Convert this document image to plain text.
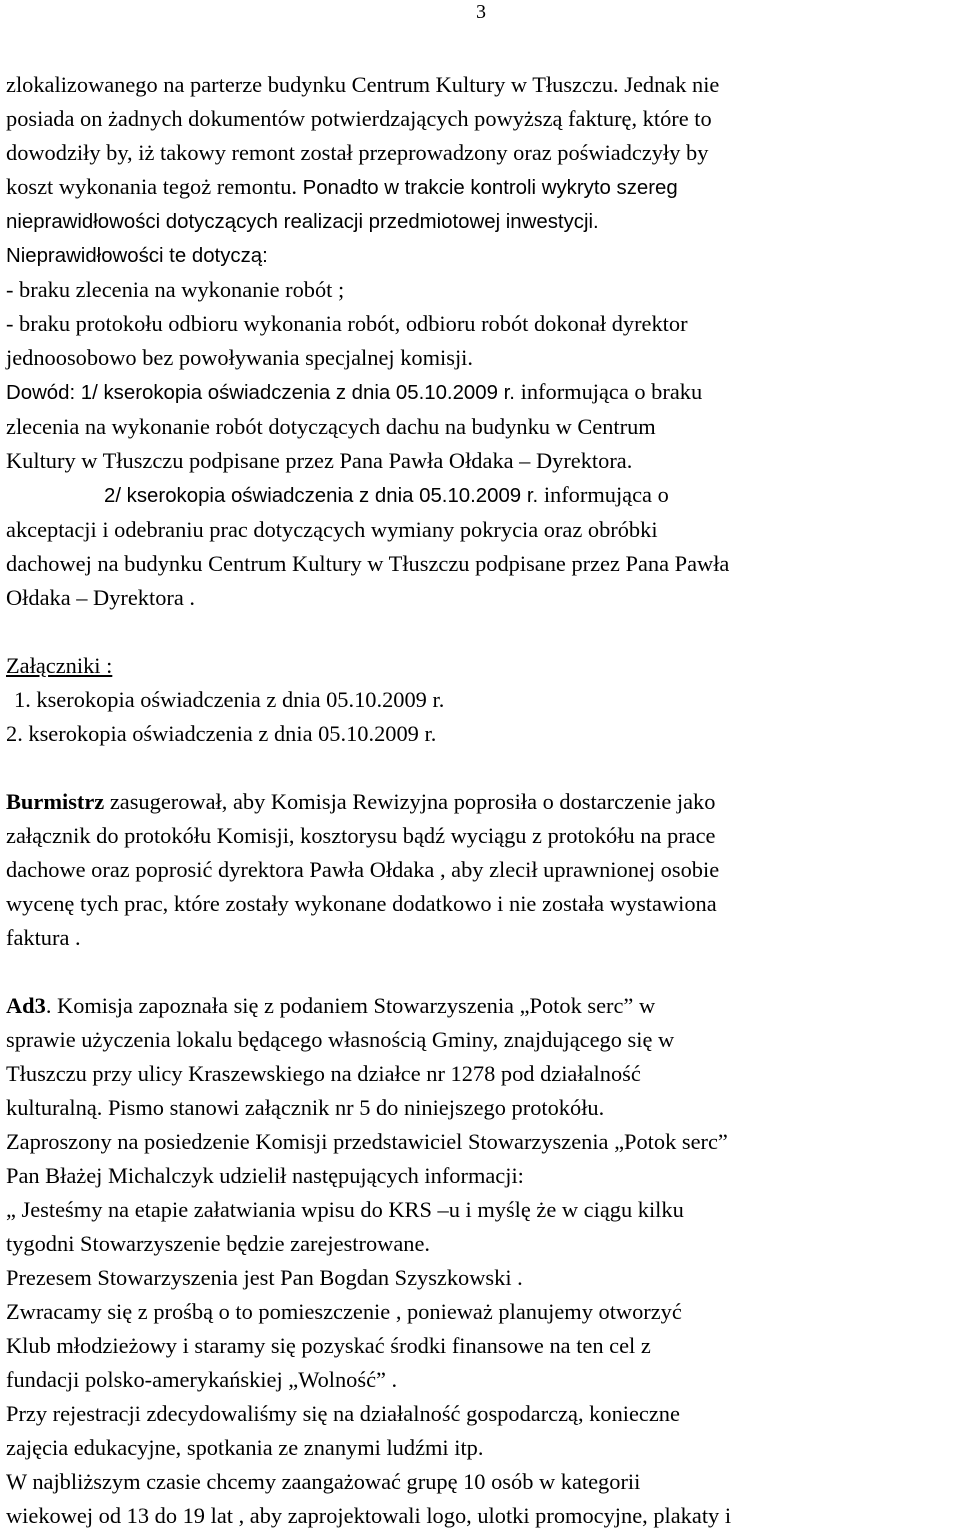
3

zlokalizowanego na parterze budynku Centrum Kultury w Tłuszczu. Jednak nie

posiada on żadnych dokumentów potwierdzających powyższą fakturę, które to

dowodziły by, iż takowy remont został przeprowadzony oraz poświadczyły by

koszt wykonania tegoż remontu. Ponadto w trakcie kontroli wykryto szereg

nieprawidłowości dotyczących realizacji przedmiotowej inwestycji.

Nieprawidłowości te dotyczą:

- braku zlecenia na wykonanie robót ;

- braku protokołu odbioru wykonania robót, odbioru robót dokonał dyrektor

jednoosobowo bez powoływania specjalnej komisji.

Dowód: 1/ kserokopia oświadczenia z dnia 05.10.2009 r. informująca o braku

zlecenia na wykonanie robót dotyczących dachu na budynku w Centrum

Kultury w Tłuszczu podpisane przez Pana Pawła Ołdaka – Dyrektora.

2/ kserokopia oświadczenia z dnia 05.10.2009 r. informująca o

akceptacji i odebraniu prac dotyczących wymiany pokrycia oraz obróbki

dachowej na budynku Centrum Kultury w Tłuszczu podpisane przez Pana Pawła

Ołdaka – Dyrektora .

Załączniki :

1. kserokopia oświadczenia z dnia 05.10.2009 r.

2. kserokopia oświadczenia z dnia 05.10.2009 r.

Burmistrz zasugerował, aby Komisja Rewizyjna poprosiła o dostarczenie jako

załącznik do protokółu Komisji, kosztorysu bądź wyciągu z protokółu na prace

dachowe oraz poprosić dyrektora Pawła Ołdaka , aby zlecił uprawnionej osobie

wycenę tych prac, które zostały wykonane dodatkowo i nie została wystawiona

faktura .

Ad3. Komisja zapoznała się z podaniem Stowarzyszenia „Potok serc” w

sprawie użyczenia lokalu będącego własnością Gminy, znajdującego się w

Tłuszczu przy ulicy Kraszewskiego na działce nr 1278 pod działalność

kulturalną. Pismo stanowi załącznik nr 5 do niniejszego protokółu.

Zaproszony na posiedzenie Komisji przedstawiciel Stowarzyszenia „Potok serc”

Pan Błażej Michalczyk udzielił następujących informacji:

„ Jesteśmy na etapie załatwiania wpisu do KRS –u i myślę że w ciągu kilku

tygodni Stowarzyszenie będzie zarejestrowane.

Prezesem Stowarzyszenia jest Pan Bogdan Szyszkowski .

Zwracamy się z prośbą o to pomieszczenie , ponieważ planujemy otworzyć

Klub młodzieżowy i staramy się pozyskać środki finansowe na ten cel z

fundacji polsko-amerykańskiej „Wolność” .

Przy rejestracji zdecydowaliśmy się na działalność gospodarczą, konieczne

zajęcia edukacyjne, spotkania ze znanymi ludźmi itp.

W najbliższym czasie chcemy zaangażować grupę 10 osób w kategorii

wiekowej od 13 do 19 lat , aby zaprojektowali logo, ulotki promocyjne, plakaty i
